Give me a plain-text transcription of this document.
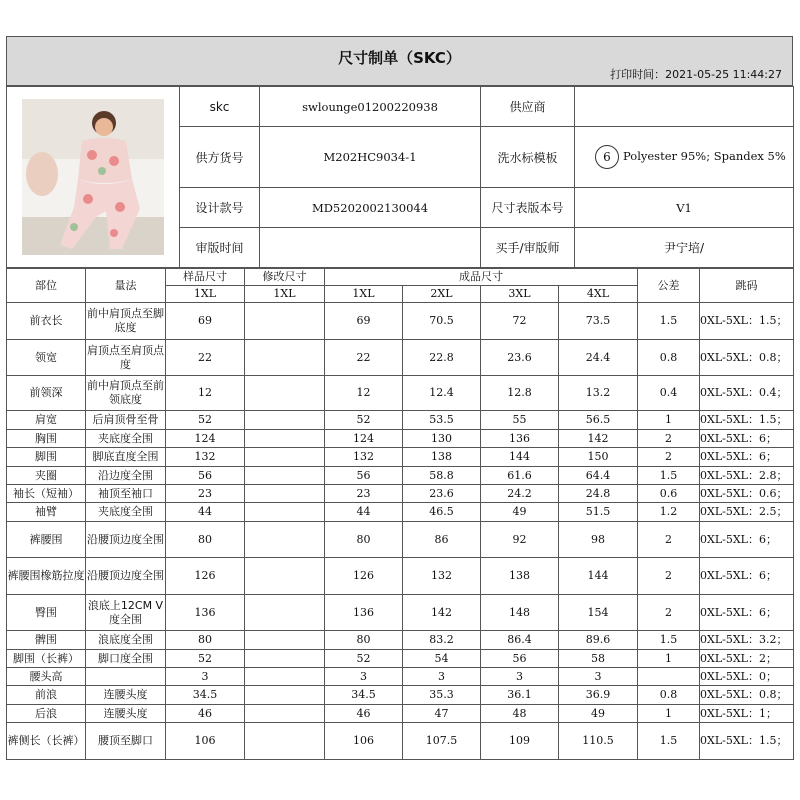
尺寸制单（SKC）
打印时间：2021-05-25 11:44:27
	skc	swlounge01200220938	供应商	
	供方货号	M202HC9034-1	洗水标模板	6 Polyester 95%; Spandex 5%
	设计款号	MD5202002130044	尺寸表版本号	V1
	审版时间		买手/审版师	尹宁培/
部位	量法	样品尺寸	修改尺寸	成品尺寸				公差	跳码
		1XL	1XL	1XL	2XL	3XL	4XL		
前衣长	前中肩顶点至脚底度	69		69	70.5	72	73.5	1.5	0XL-5XL：1.5；
领宽	肩顶点至肩顶点度	22		22	22.8	23.6	24.4	0.8	0XL-5XL：0.8；
前领深	前中肩顶点至前领底度	12		12	12.4	12.8	13.2	0.4	0XL-5XL：0.4；
肩宽	后肩顶骨至骨	52		52	53.5	55	56.5	1	0XL-5XL：1.5；
胸围	夹底度全围	124		124	130	136	142	2	0XL-5XL：6；
脚围	脚底直度全围	132		132	138	144	150	2	0XL-5XL：6；
夹圈	沿边度全围	56		56	58.8	61.6	64.4	1.5	0XL-5XL：2.8；
袖长（短袖）	袖顶至袖口	23		23	23.6	24.2	24.8	0.6	0XL-5XL：0.6；
袖臂	夹底度全围	44		44	46.5	49	51.5	1.2	0XL-5XL：2.5；
裤腰围	沿腰顶边度全围	80		80	86	92	98	2	0XL-5XL：6；
裤腰围橡筋拉度	沿腰顶边度全围	126		126	132	138	144	2	0XL-5XL：6；
臀围	浪底上12CM V度全围	136		136	142	148	154	2	0XL-5XL：6；
髀围	浪底度全围	80		80	83.2	86.4	89.6	1.5	0XL-5XL：3.2；
脚围（长裤）	脚口度全围	52		52	54	56	58	1	0XL-5XL：2；
腰头高		3		3	3	3	3		0XL-5XL：0；
前浪	连腰头度	34.5		34.5	35.3	36.1	36.9	0.8	0XL-5XL：0.8；
后浪	连腰头度	46		46	47	48	49	1	0XL-5XL：1；
裤侧长（长裤）	腰顶至脚口	106		106	107.5	109	110.5	1.5	0XL-5XL：1.5；
